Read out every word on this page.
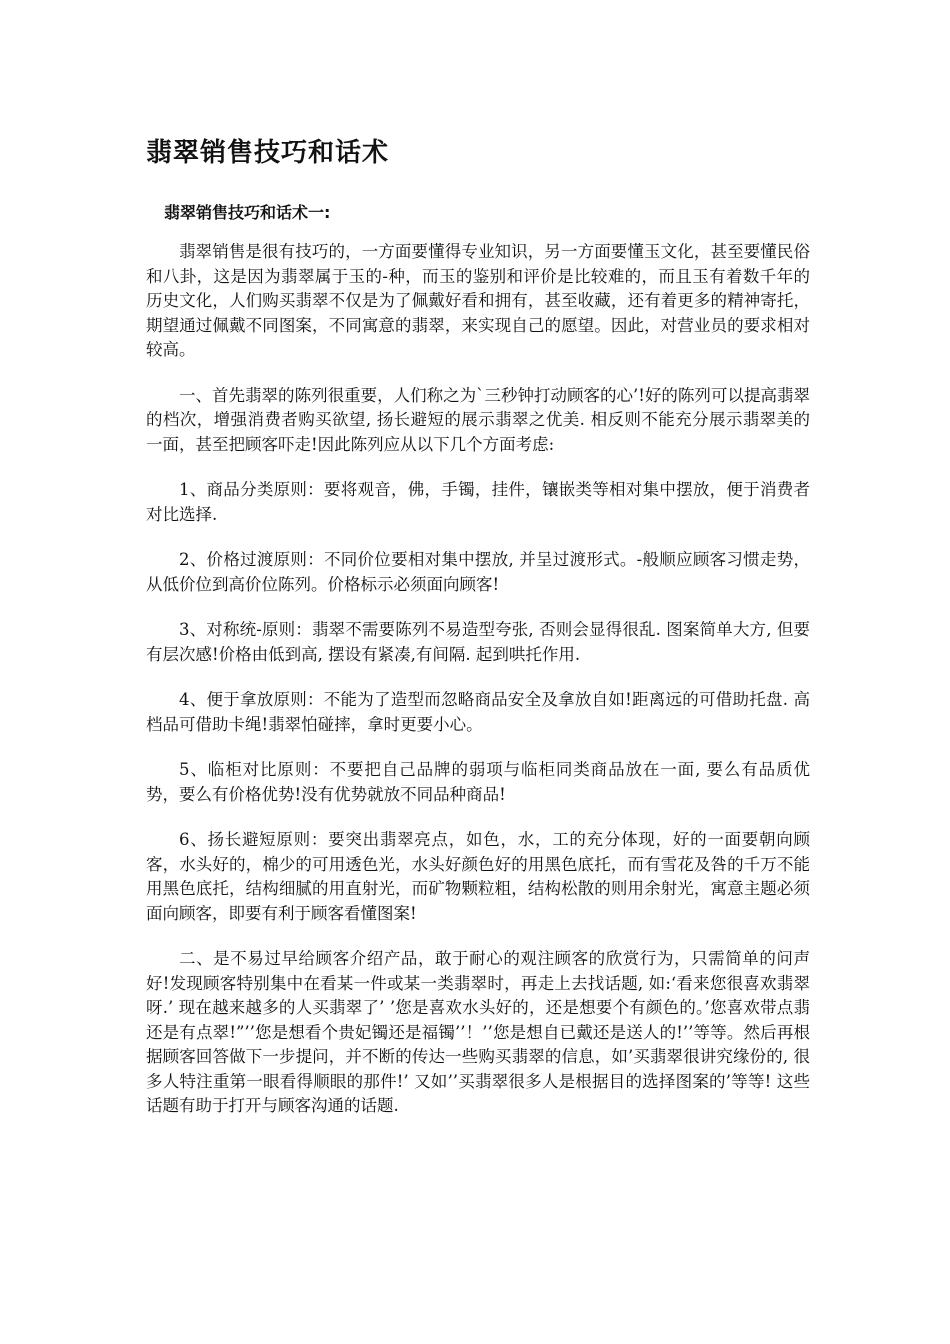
翡翠销售技巧和话术
翡翠销售技巧和话术一:

翡翠销售是很有技巧的，一方面要懂得专业知识，另一方面要懂玉文化，甚至要懂民俗和八卦，这是因为翡翠属于玉的-种，而玉的鉴别和评价是比较难的，而且玉有着数千年的历史文化，人们购买翡翠不仅是为了佩戴好看和拥有，甚至收藏，还有着更多的精神寄托，期望通过佩戴不同图案，不同寓意的翡翠，来实现自己的愿望。因此，对营业员的要求相对较高。

一、首先翡翠的陈列很重要，人们称之为`三秒钟打动顾客的心’!好的陈列可以提高翡翠的档次，增强消费者购买欲望, 扬长避短的展示翡翠之优美. 相反则不能充分展示翡翠美的一面，甚至把顾客吓走!因此陈列应从以下几个方面考虑:

1、商品分类原则：要将观音，佛，手镯，挂件，镶嵌类等相对集中摆放，便于消费者对比选择.

2、价格过渡原则：不同价位要相对集中摆放, 并呈过渡形式。-般顺应顾客习惯走势，从低价位到高价位陈列。价格标示必须面向顾客!

3、对称统-原则：翡翠不需要陈列不易造型夸张, 否则会显得很乱. 图案简单大方, 但要有层次感!价格由低到高, 摆设有紧凑,有间隔. 起到哄托作用.

4、便于拿放原则：不能为了造型而忽略商品安全及拿放自如!距离远的可借助托盘. 高档品可借助卡绳!翡翠怕碰摔，拿时更要小心。

5、临柜对比原则：不要把自己品牌的弱项与临柜同类商品放在一面, 要么有品质优势，要么有价格优势!没有优势就放不同品种商品!

6、扬长避短原则：要突出翡翠亮点，如色，水，工的充分体现，好的一面要朝向顾客，水头好的，棉少的可用透色光，水头好颜色好的用黑色底托，而有雪花及咎的千万不能用黑色底托，结构细腻的用直射光，而矿物颗粒粗，结构松散的则用余射光，寓意主题必须面向顾客，即要有利于顾客看懂图案!

二、是不易过早给顾客介绍产品，敢于耐心的观注顾客的欣赏行为，只需简单的问声好!发现顾客特别集中在看某一件或某一类翡翠时，再走上去找话题, 如:‘看来您很喜欢翡翠呀.’ 现在越来越多的人买翡翠了’ ’您是喜欢水头好的，还是想要个有颜色的。’您喜欢带点翡还是有点翠!”’’您是想看个贵妃镯还是福镯’’！’’您是想自已戴还是送人的!’’等等。然后再根据顾客回答做下一步提问，并不断的传达一些购买翡翠的信息，如’买翡翠很讲究缘份的, 很多人特注重第一眼看得顺眼的那件!’ 又如’’买翡翠很多人是根据目的选择图案的’等等! 这些话题有助于打开与顾客沟通的话题.
